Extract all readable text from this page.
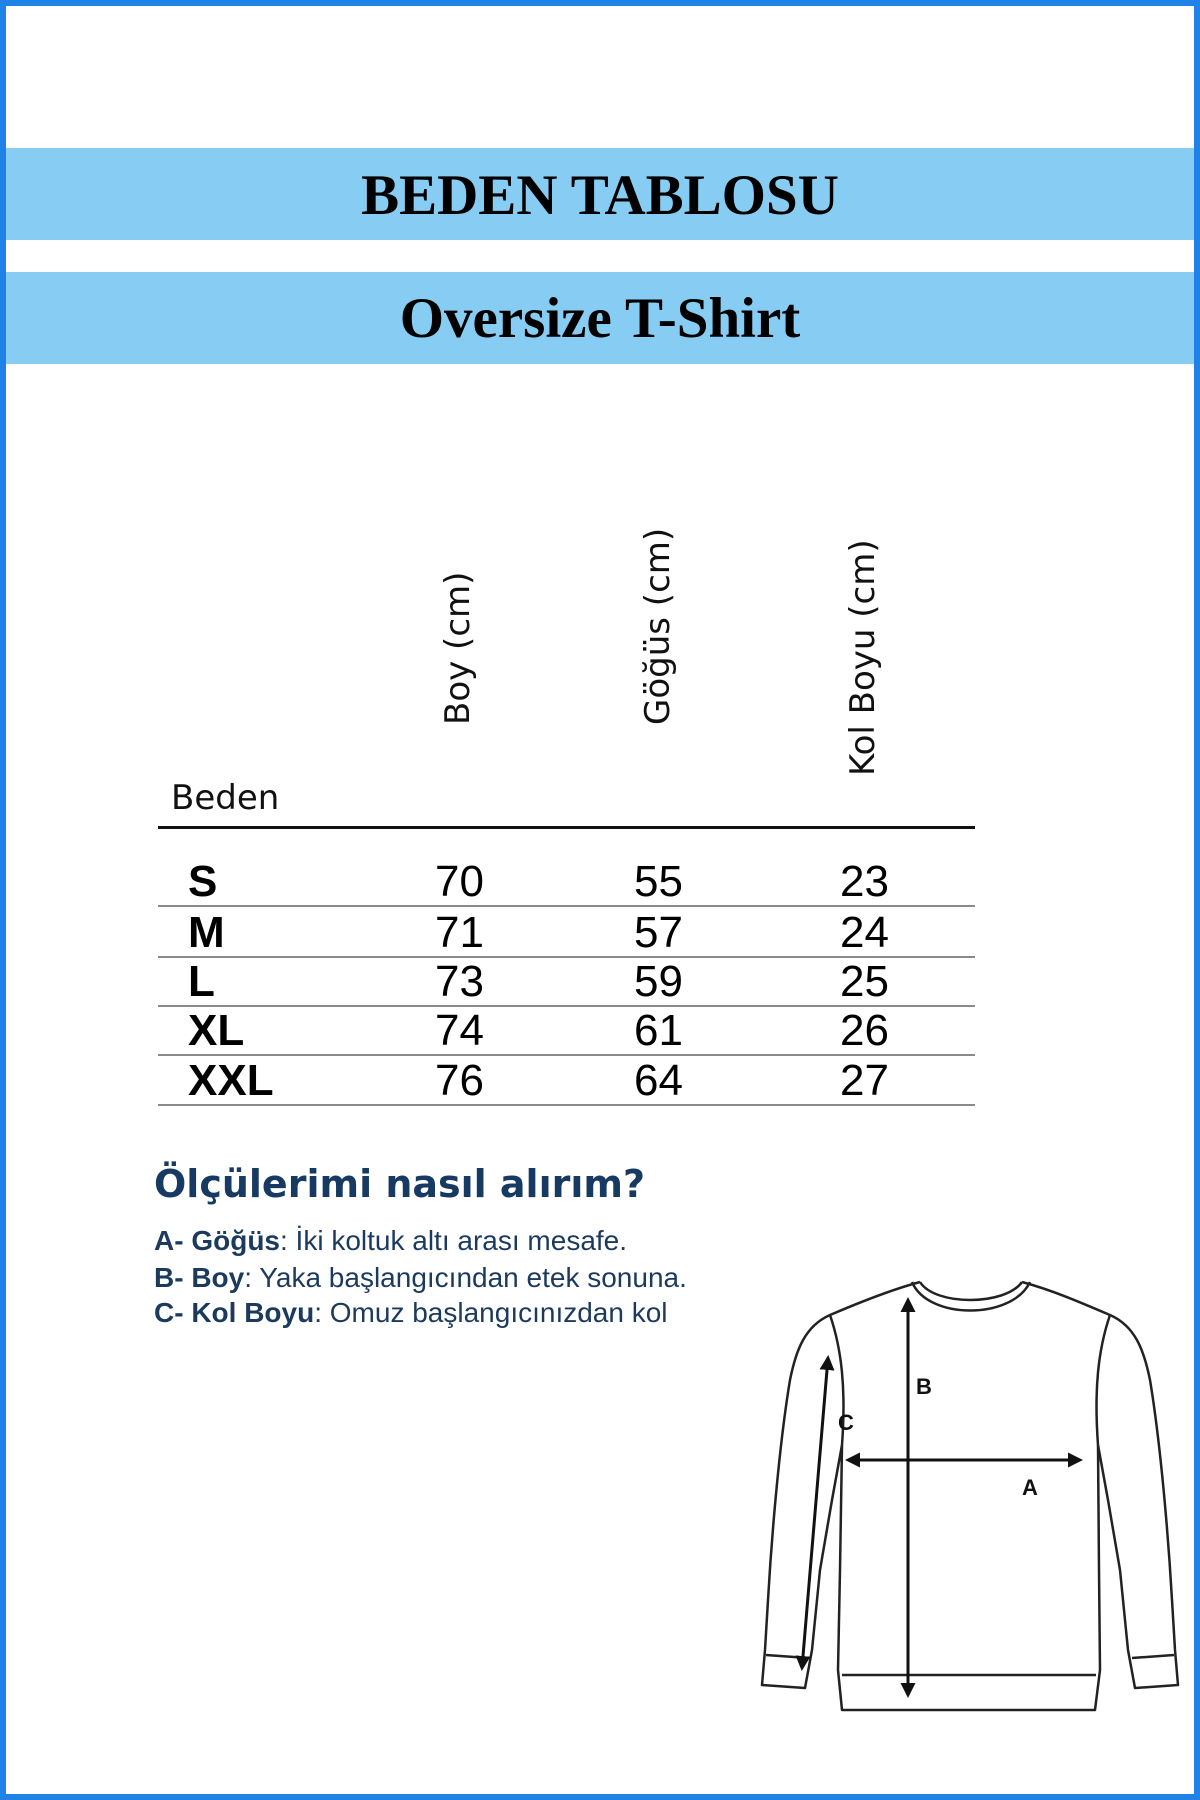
BEDEN TABLOSU
Oversize T-Shirt
Boy (cm)	Göğüs (cm)	Kol Boyu (cm)
Beden
S	70	55	23
M	71	57	24
L	73	59	25
XL	74	61	26
XXL	76	64	27
Ölçülerimi nasıl alırım?
A- Göğüs: İki koltuk altı arası mesafe.
B- Boy: Yaka başlangıcından etek sonuna.
C- Kol Boyu: Omuz başlangıcınızdan kol
B
A
C
